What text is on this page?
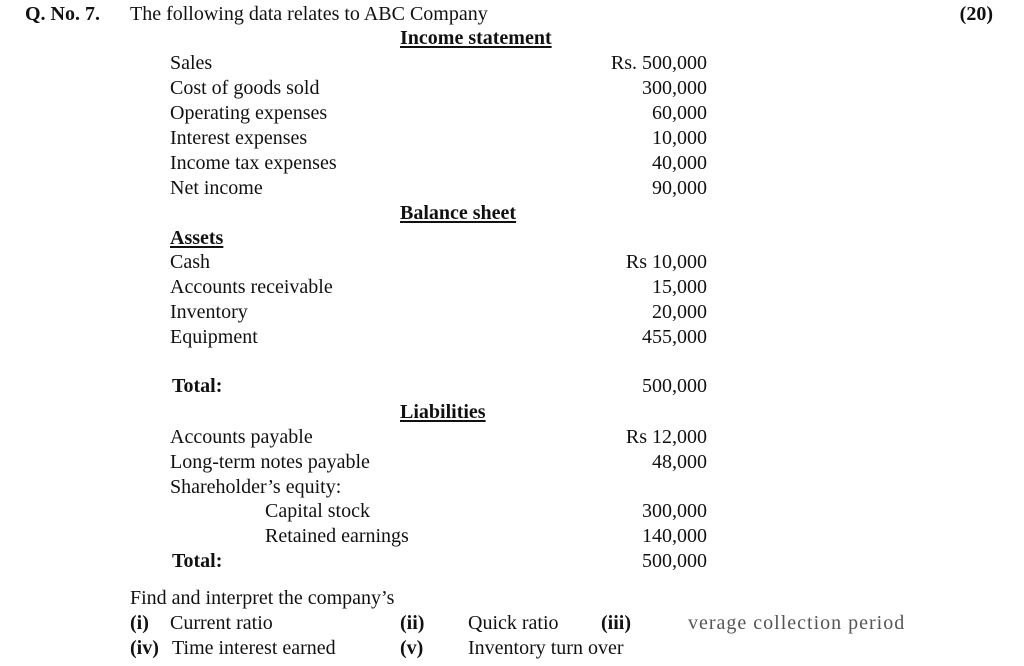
Q. No. 7. The following data relates to ABC Company	(20)
Income statement
Sales	Rs. 500,000
Cost of goods sold	300,000
Operating expenses	60,000
Interest expenses	10,000
Income tax expenses	40,000
Net income	90,000
Balance sheet
Assets
Cash	Rs 10,000
Accounts receivable	15,000
Inventory	20,000
Equipment	455,000
Total:	500,000
Liabilities
Accounts payable	Rs 12,000
Long-term notes payable	48,000
Shareholder’s equity:
Capital stock	300,000
Retained earnings	140,000
Total:	500,000
Find and interpret the company’s
(i) Current ratio	(ii) Quick ratio (iii)	verage collection period
(iv) Time interest earned	(v) Inventory turn over
